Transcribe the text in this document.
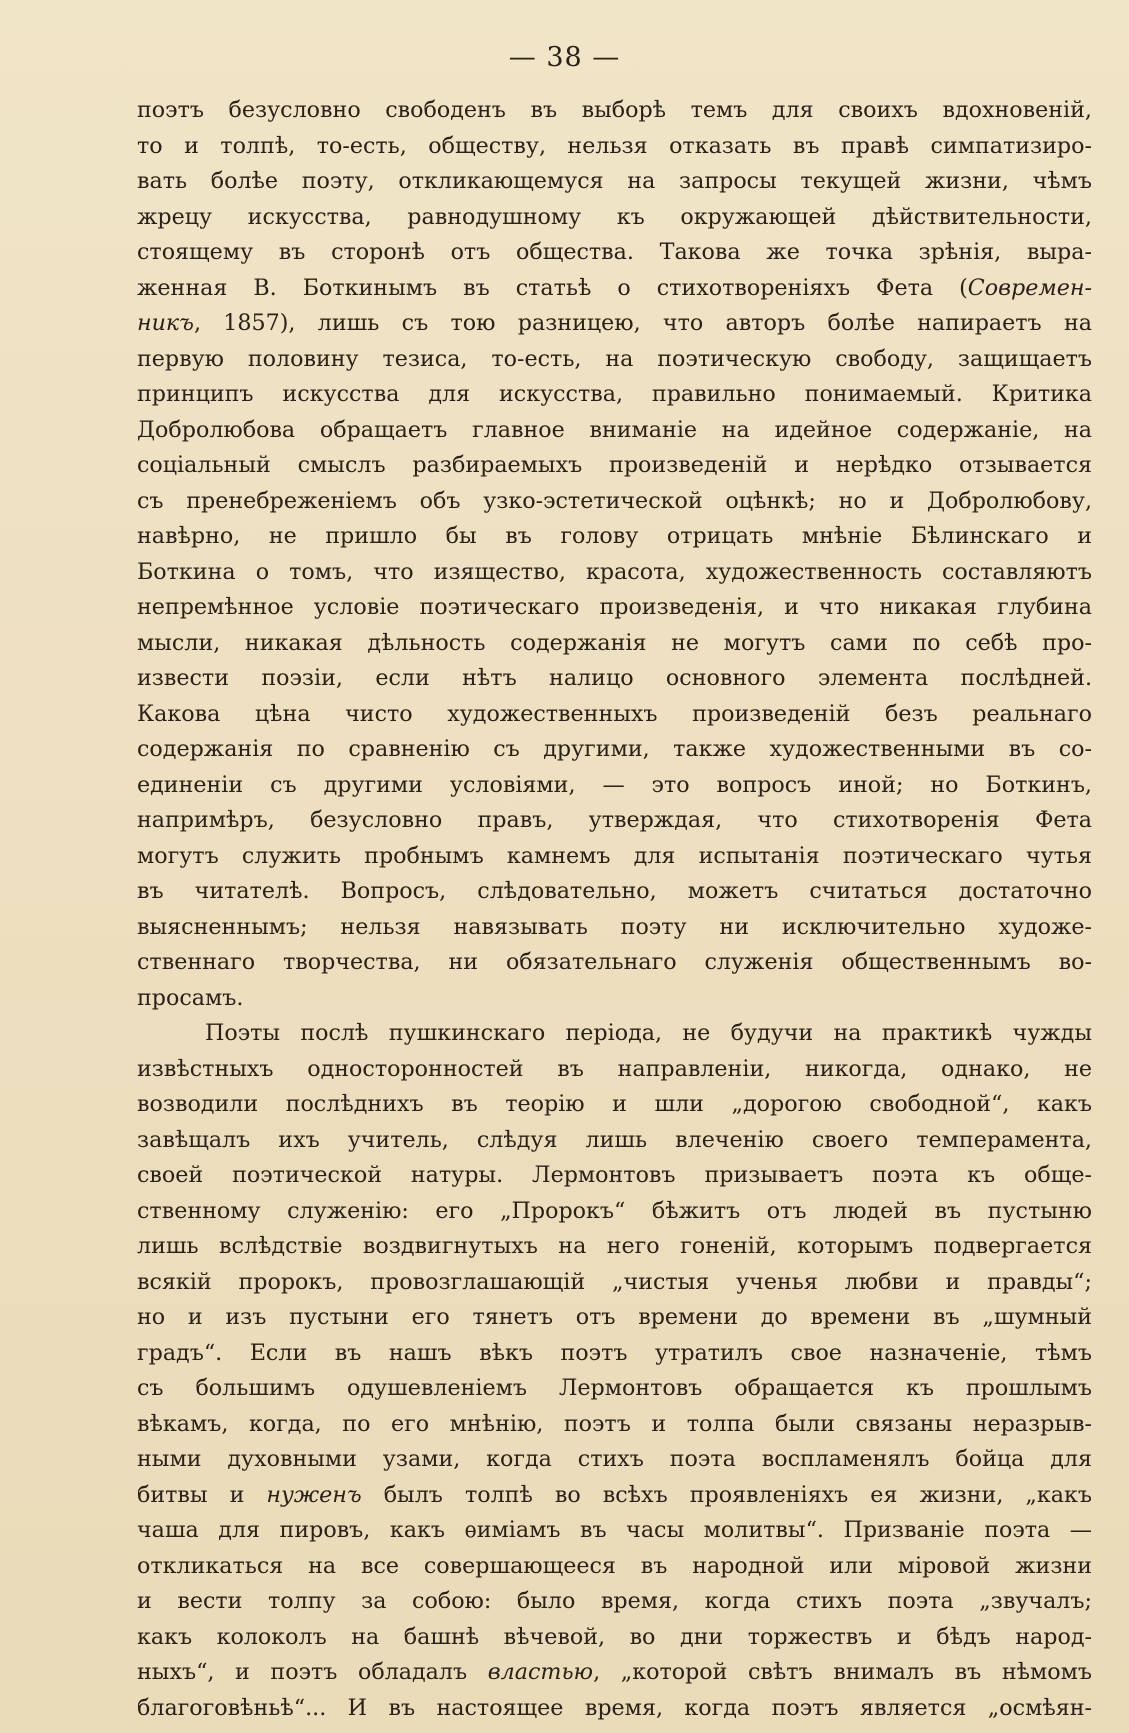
— 38 —
поэтъ безусловно свободенъ въ выборѣ темъ для своихъ вдохновеній,
то и толпѣ, то-есть, обществу, нельзя отказать въ правѣ симпатизиро-
вать болѣе поэту, откликающемуся на запросы текущей жизни, чѣмъ
жрецу искусства, равнодушному къ окружающей дѣйствительности,
стоящему въ сторонѣ отъ общества. Такова же точка зрѣнія, выра-
женная В. Боткинымъ въ статьѣ о стихотвореніяхъ Фета (Современ-
никъ, 1857), лишь съ тою разницею, что авторъ болѣе напираетъ на
первую половину тезиса, то-есть, на поэтическую свободу, защищаетъ
принципъ искусства для искусства, правильно понимаемый. Критика
Добролюбова обращаетъ главное вниманіе на идейное содержаніе, на
соціальный смыслъ разбираемыхъ произведеній и нерѣдко отзывается
съ пренебреженіемъ объ узко-эстетической оцѣнкѣ; но и Добролюбову,
навѣрно, не пришло бы въ голову отрицать мнѣніе Бѣлинскаго и
Боткина о томъ, что изящество, красота, художественность составляютъ
непремѣнное условіе поэтическаго произведенія, и что никакая глубина
мысли, никакая дѣльность содержанія не могутъ сами по себѣ про-
извести поэзіи, если нѣтъ налицо основного элемента послѣдней.
Какова цѣна чисто художественныхъ произведеній безъ реальнаго
содержанія по сравненію съ другими, также художественными въ со-
единеніи съ другими условіями, — это вопросъ иной; но Боткинъ,
напримѣръ, безусловно правъ, утверждая, что стихотворенія Фета
могутъ служить пробнымъ камнемъ для испытанія поэтическаго чутья
въ читателѣ. Вопросъ, слѣдовательно, можетъ считаться достаточно
выясненнымъ; нельзя навязывать поэту ни исключительно художе-
ственнаго творчества, ни обязательнаго служенія общественнымъ во-
просамъ.
Поэты послѣ пушкинскаго періода, не будучи на практикѣ чужды
извѣстныхъ односторонностей въ направленіи, никогда, однако, не
возводили послѣднихъ въ теорію и шли „дорогою свободной“, какъ
завѣщалъ ихъ учитель, слѣдуя лишь влеченію своего темперамента,
своей поэтической натуры. Лермонтовъ призываетъ поэта къ обще-
ственному служенію: его „Пророкъ“ бѣжитъ отъ людей въ пустыню
лишь вслѣдствіе воздвигнутыхъ на него гоненій, которымъ подвергается
всякій пророкъ, провозглашающій „чистыя ученья любви и правды“;
но и изъ пустыни его тянетъ отъ времени до времени въ „шумный
градъ“. Если въ нашъ вѣкъ поэтъ утратилъ свое назначеніе, тѣмъ
съ большимъ одушевленіемъ Лермонтовъ обращается къ прошлымъ
вѣкамъ, когда, по его мнѣнію, поэтъ и толпа были связаны неразрыв-
ными духовными узами, когда стихъ поэта воспламенялъ бойца для
битвы и нуженъ былъ толпѣ во всѣхъ проявленіяхъ ея жизни, „какъ
чаша для пировъ, какъ ѳиміамъ въ часы молитвы“. Призваніе поэта —
откликаться на все совершающееся въ народной или міровой жизни
и вести толпу за собою: было время, когда стихъ поэта „звучалъ;
какъ колоколъ на башнѣ вѣчевой, во дни торжествъ и бѣдъ народ-
ныхъ“, и поэтъ обладалъ властью, „которой свѣтъ внималъ въ нѣмомъ
благоговѣньѣ“... И въ настоящее время, когда поэтъ является „осмѣян-
